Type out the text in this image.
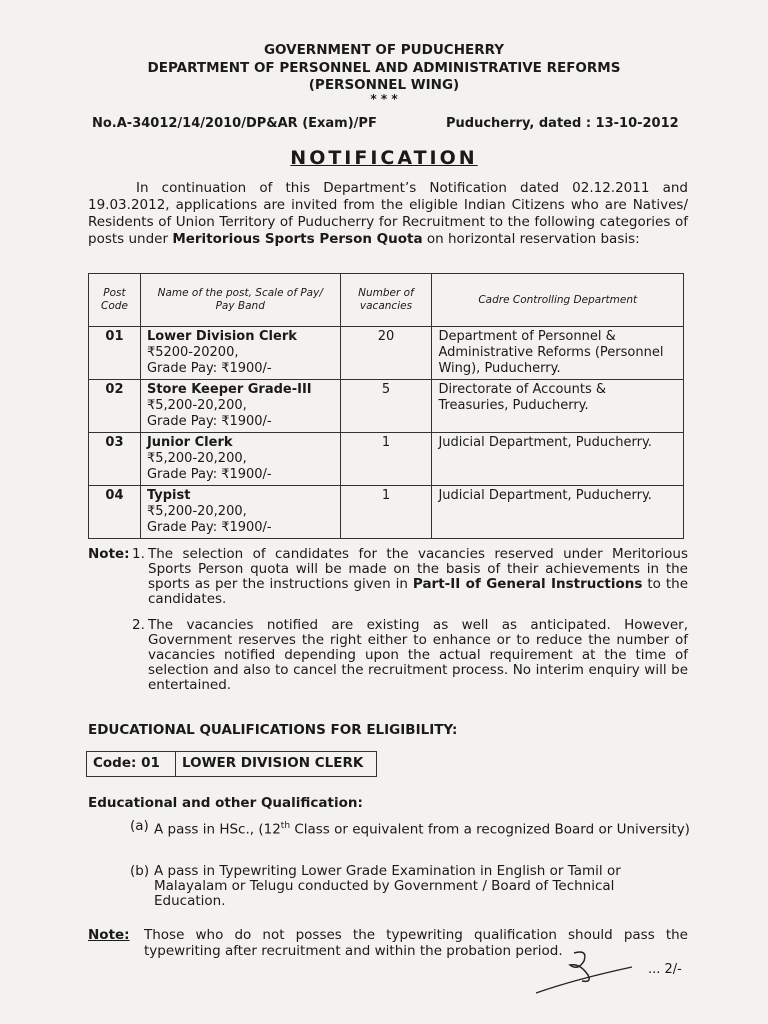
GOVERNMENT OF PUDUCHERRY
DEPARTMENT OF PERSONNEL AND ADMINISTRATIVE REFORMS
(PERSONNEL WING)
* * *
No.A-34012/14/2010/DP&AR (Exam)/PF	Puducherry, dated : 13-10-2012
NOTIFICATION
In continuation of this Department’s Notification dated 02.12.2011 and 19.03.2012, applications are invited from the eligible Indian Citizens who are Natives/ Residents of Union Territory of Puducherry for Recruitment to the following categories of posts under Meritorious Sports Person Quota on horizontal reservation basis:
Post Code	Name of the post, Scale of Pay/ Pay Band	Number of vacancies	Cadre Controlling Department
01	Lower Division Clerk
₹5200-20200,
Grade Pay: ₹1900/-	20	Department of Personnel & Administrative Reforms (Personnel Wing), Puducherry.
02	Store Keeper Grade-III
₹5,200-20,200,
Grade Pay: ₹1900/-	5	Directorate of Accounts & Treasuries, Puducherry.
03	Junior Clerk
₹5,200-20,200,
Grade Pay: ₹1900/-	1	Judicial Department, Puducherry.
04	Typist
₹5,200-20,200,
Grade Pay: ₹1900/-	1	Judicial Department, Puducherry.
Note: 1. The selection of candidates for the vacancies reserved under Meritorious Sports Person quota will be made on the basis of their achievements in the sports as per the instructions given in Part-II of General Instructions to the candidates.
2. The vacancies notified are existing as well as anticipated. However, Government reserves the right either to enhance or to reduce the number of vacancies notified depending upon the actual requirement at the time of selection and also to cancel the recruitment process. No interim enquiry will be entertained.
EDUCATIONAL QUALIFICATIONS FOR ELIGIBILITY:
Code: 01	LOWER DIVISION CLERK
Educational and other Qualification:
(a) A pass in HSc., (12th Class or equivalent from a recognized Board or University)
(b) A pass in Typewriting Lower Grade Examination in English or Tamil or Malayalam or Telugu conducted by Government / Board of Technical Education.
Note: Those who do not posses the typewriting qualification should pass the typewriting after recruitment and within the probation period.
... 2/-
